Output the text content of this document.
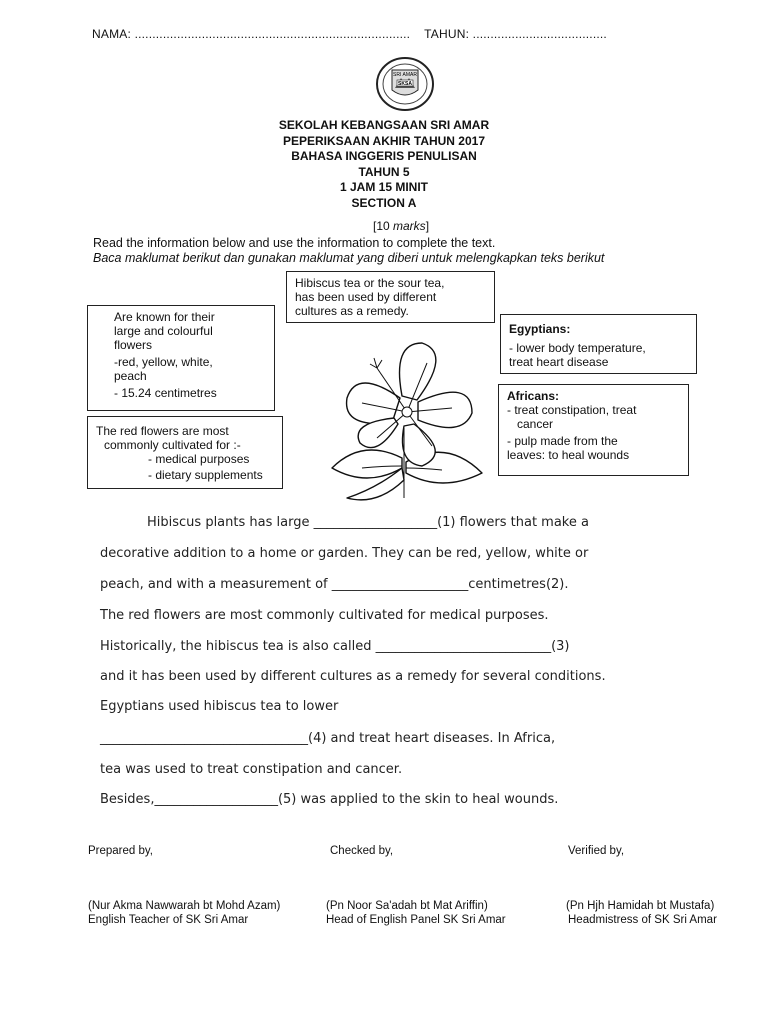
NAMA: .............................................................................. TAHUN: ......................................
SRI AMAR
SKSA
SEKOLAH KEBANGSAAN SRI AMAR
PEPERIKSAAN AKHIR TAHUN 2017
BAHASA INGGERIS PENULISAN
TAHUN 5
1 JAM 15 MINIT
SECTION A
[10 marks]
Read the information below and use the information to complete the text.
Baca maklumat berikut dan gunakan maklumat yang diberi untuk melengkapkan teks berikut
Hibiscus tea or the sour tea,
has been used by different
cultures as a remedy.
Are known for their
large and colourful
flowers
-red, yellow, white,
peach
- 15.24 centimetres
The red flowers are most
commonly cultivated for :-
- medical purposes
- dietary supplements
Egyptians:
- lower body temperature,
treat heart disease
Africans:
- treat constipation, treat
cancer
- pulp made from the
leaves: to heal wounds
Hibiscus plants has large ___________________(1) flowers that make a
decorative addition to a home or garden. They can be red, yellow, white or
peach, and with a measurement of _____________________centimetres(2).
The red flowers are most commonly cultivated for medical purposes.
Historically, the hibiscus tea is also called ___________________________(3)
and it has been used by different cultures as a remedy for several conditions.
Egyptians used hibiscus tea to lower
________________________________(4) and treat heart diseases. In Africa,
tea was used to treat constipation and cancer.
Besides,___________________(5) was applied to the skin to heal wounds.
Prepared by,	Checked by,	Verified by,
(Nur Akma Nawwarah bt Mohd Azam)
English Teacher of SK Sri Amar
(Pn Noor Sa'adah bt Mat Ariffin)
Head of English Panel SK Sri Amar
(Pn Hjh Hamidah bt Mustafa)
Headmistress of SK Sri Amar
